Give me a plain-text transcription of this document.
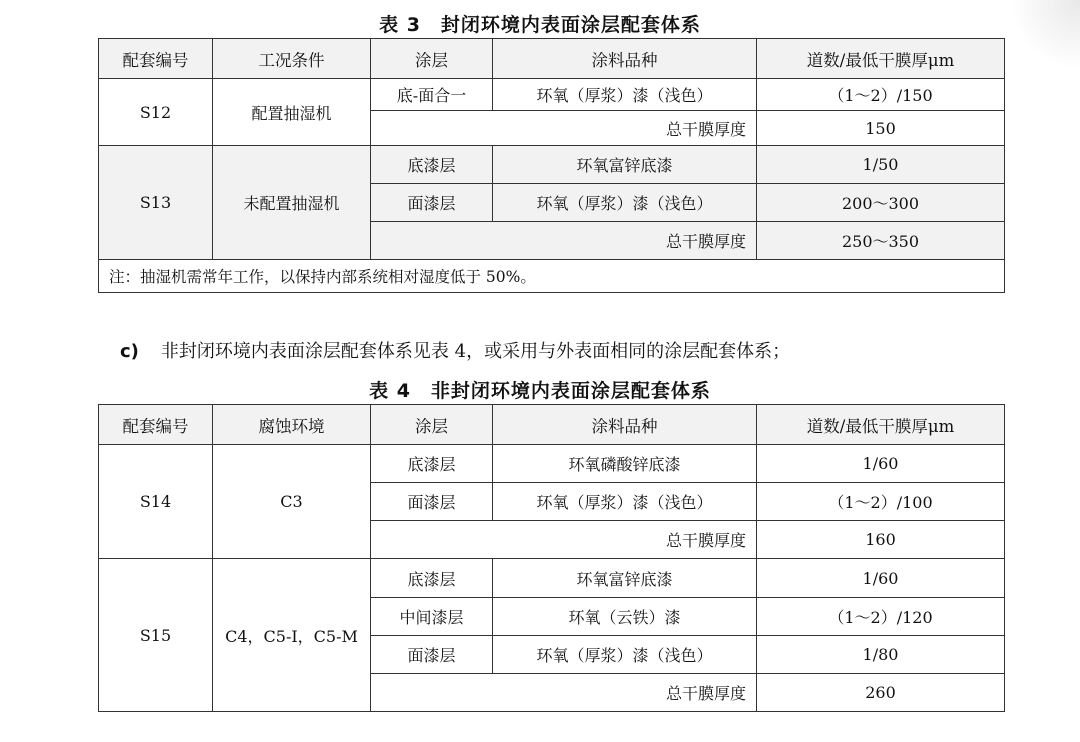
表 3　封闭环境内表面涂层配套体系
配套编号	工况条件	涂层	涂料品种	道数/最低干膜厚μm
S12	配置抽湿机	底-面合一	环氧（厚浆）漆（浅色）	（1～2）/150
		总干膜厚度		150
S13	未配置抽湿机	底漆层	环氧富锌底漆	1/50
		面漆层	环氧（厚浆）漆（浅色）	200～300
		总干膜厚度		250～350
注：抽湿机需常年工作，以保持内部系统相对湿度低于 50%。				
c) 非封闭环境内表面涂层配套体系见表 4，或采用与外表面相同的涂层配套体系；
表 4　非封闭环境内表面涂层配套体系
配套编号	腐蚀环境	涂层	涂料品种	道数/最低干膜厚μm
S14	C3	底漆层	环氧磷酸锌底漆	1/60
		面漆层	环氧（厚浆）漆（浅色）	（1～2）/100
		总干膜厚度		160
S15	C4，C5-I，C5-M	底漆层	环氧富锌底漆	1/60
		中间漆层	环氧（云铁）漆	（1～2）/120
		面漆层	环氧（厚浆）漆（浅色）	1/80
		总干膜厚度		260
